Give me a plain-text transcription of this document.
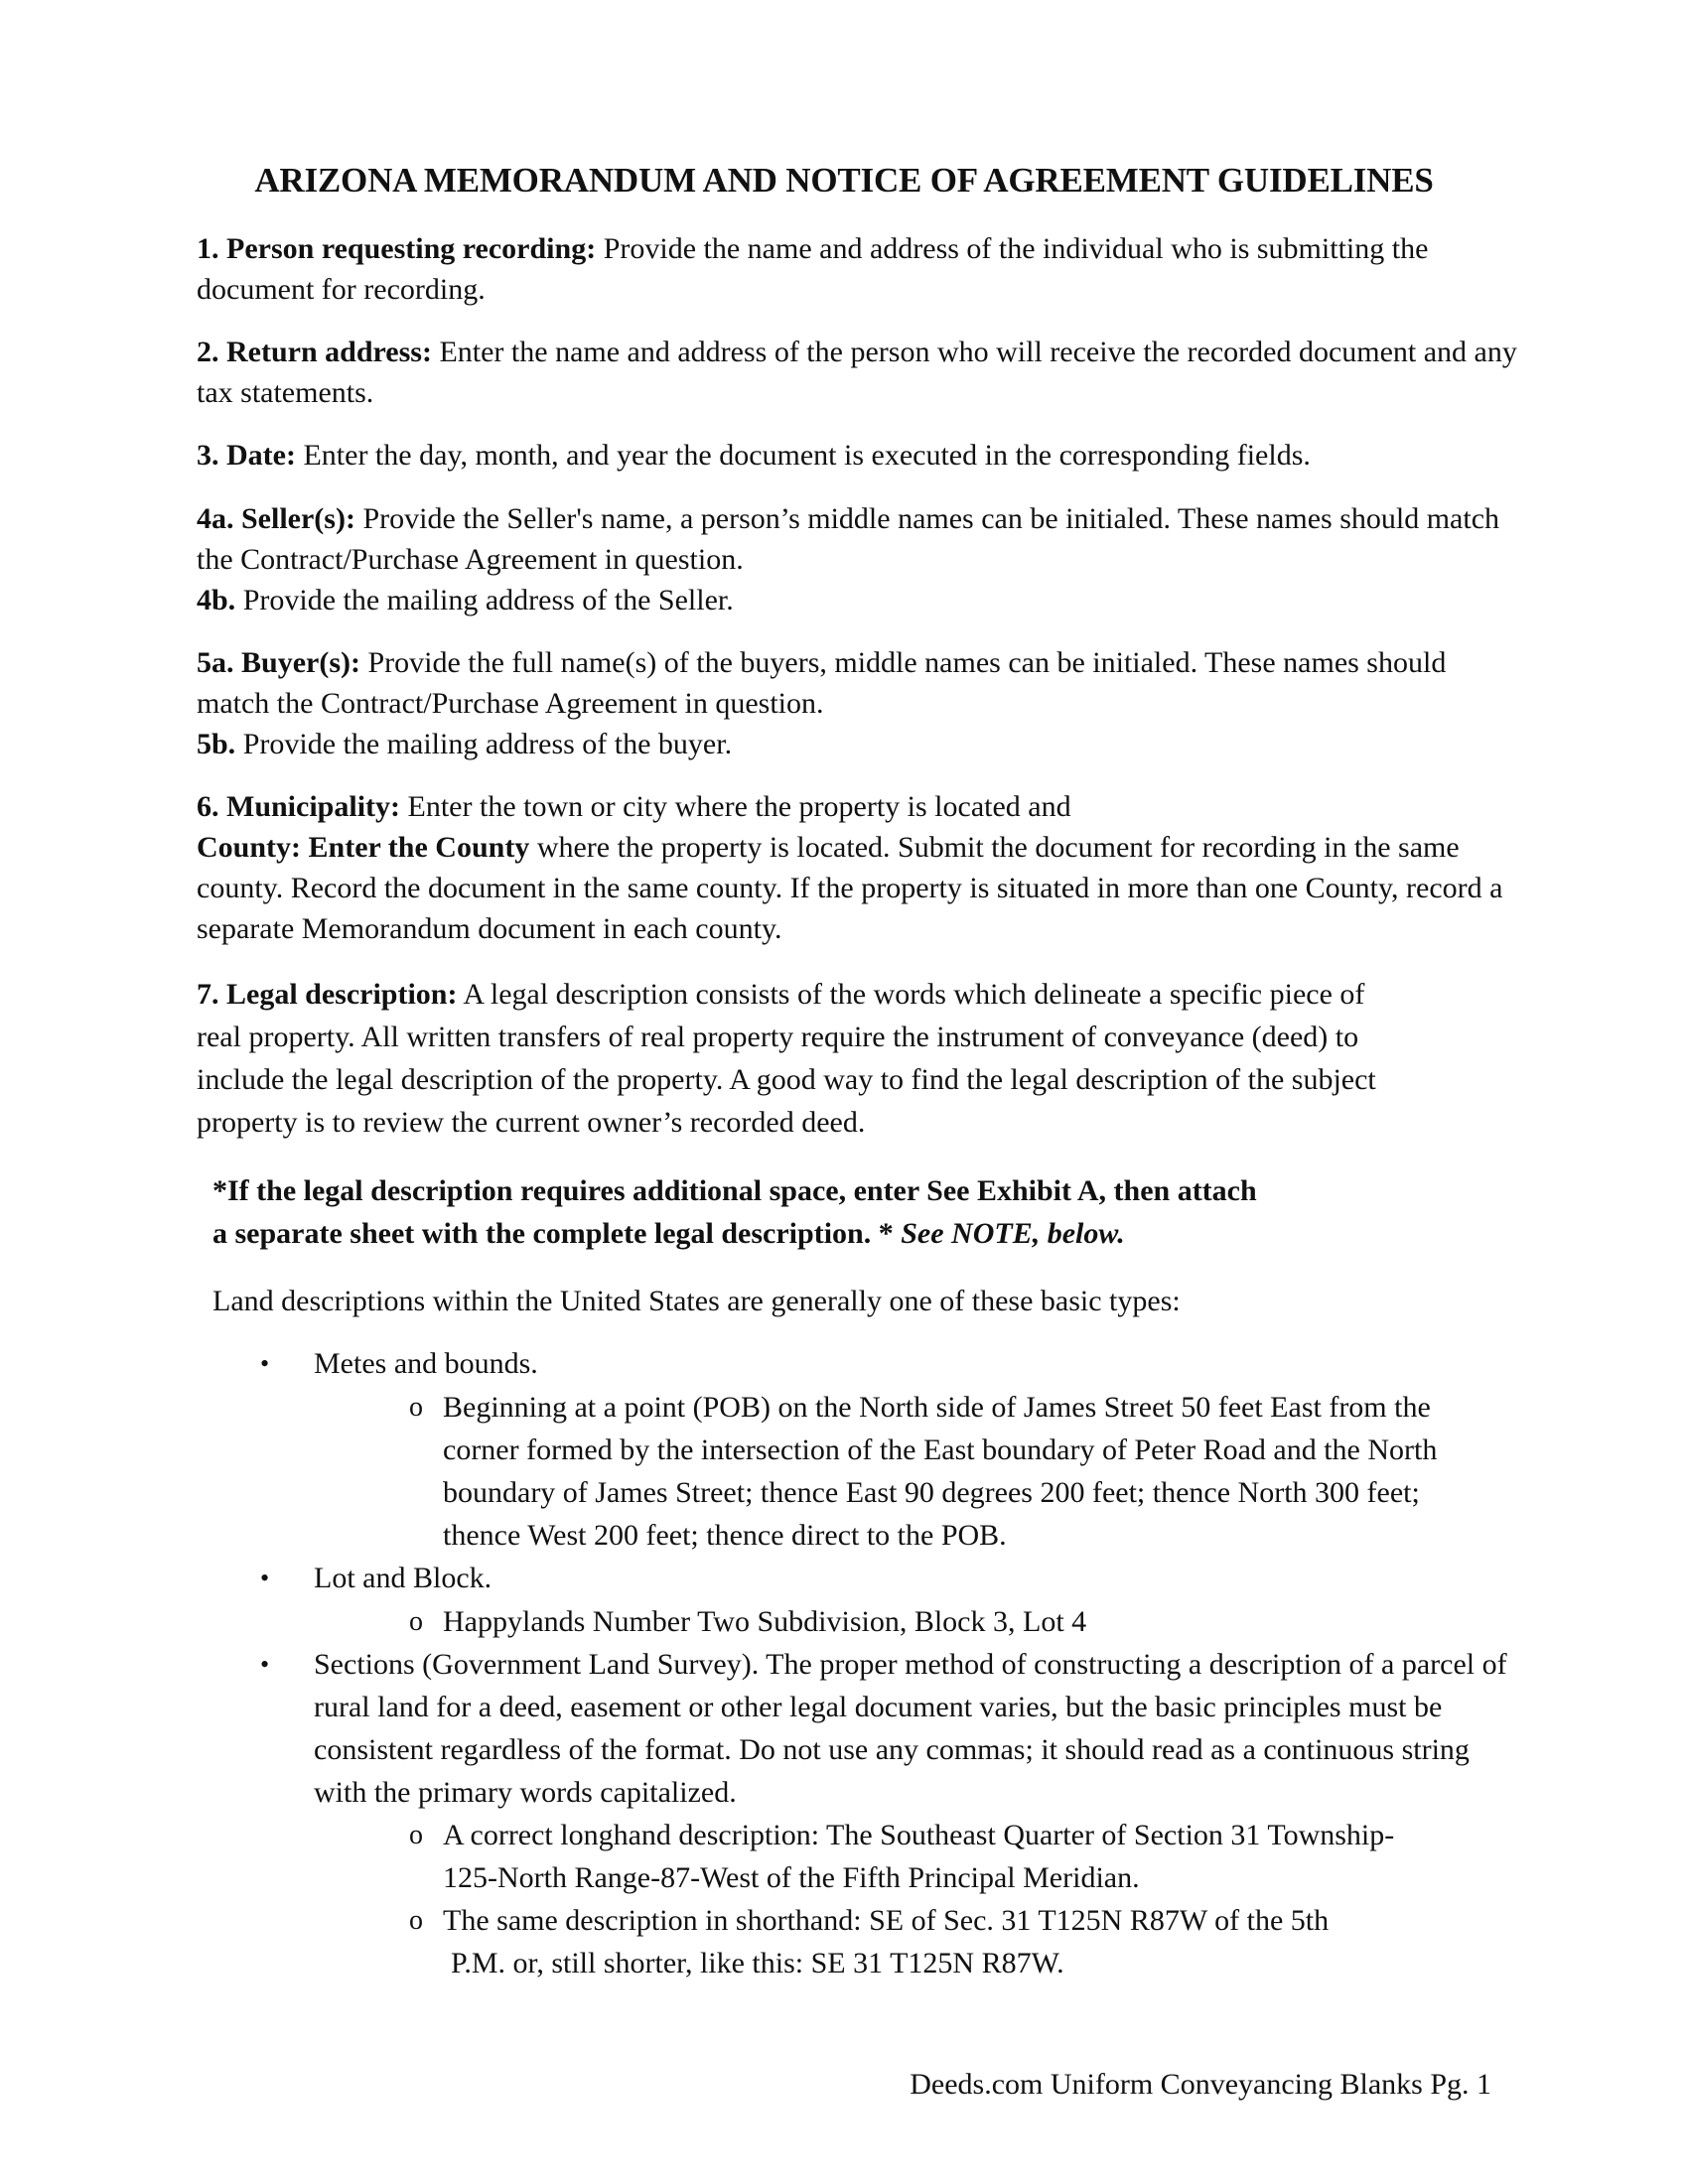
ARIZONA MEMORANDUM AND NOTICE OF AGREEMENT GUIDELINES

1. Person requesting recording: Provide the name and address of the individual who is submitting the document for recording.

2. Return address: Enter the name and address of the person who will receive the recorded document and any tax statements.

3. Date: Enter the day, month, and year the document is executed in the corresponding fields.

4a. Seller(s): Provide the Seller's name, a person’s middle names can be initialed. These names should match the Contract/Purchase Agreement in question.

4b. Provide the mailing address of the Seller.

5a. Buyer(s): Provide the full name(s) of the buyers, middle names can be initialed. These names should match the Contract/Purchase Agreement in question.

5b. Provide the mailing address of the buyer.

6. Municipality: Enter the town or city where the property is located and

County: Enter the County where the property is located. Submit the document for recording in the same county. Record the document in the same county. If the property is situated in more than one County, record a separate Memorandum document in each county.

7. Legal description: A legal description consists of the words which delineate a specific piece of real property. All written transfers of real property require the instrument of conveyance (deed) to include the legal description of the property. A good way to find the legal description of the subject property is to review the current owner’s recorded deed.

*If the legal description requires additional space, enter See Exhibit A, then attach
a separate sheet with the complete legal description. * See NOTE, below.
Land descriptions within the United States are generally one of these basic types:
•	Metes and bounds.
o Beginning at a point (POB) on the North side of James Street 50 feet East from the corner formed by the intersection of the East boundary of Peter Road and the North boundary of James Street; thence East 90 degrees 200 feet; thence North 300 feet; thence West 200 feet; thence direct to the POB.
•	Lot and Block.
o Happylands Number Two Subdivision, Block 3, Lot 4
•	Sections (Government Land Survey). The proper method of constructing a description of a parcel of rural land for a deed, easement or other legal document varies, but the basic principles must be consistent regardless of the format. Do not use any commas; it should read as a continuous string with the primary words capitalized.
o A correct longhand description: The Southeast Quarter of Section 31 Township-125-North Range-87-West of the Fifth Principal Meridian.
o The same description in shorthand: SE of Sec. 31 T125N R87W of the 5th
P.M. or, still shorter, like this: SE 31 T125N R87W.
Deeds.com Uniform Conveyancing Blanks Pg. 1
